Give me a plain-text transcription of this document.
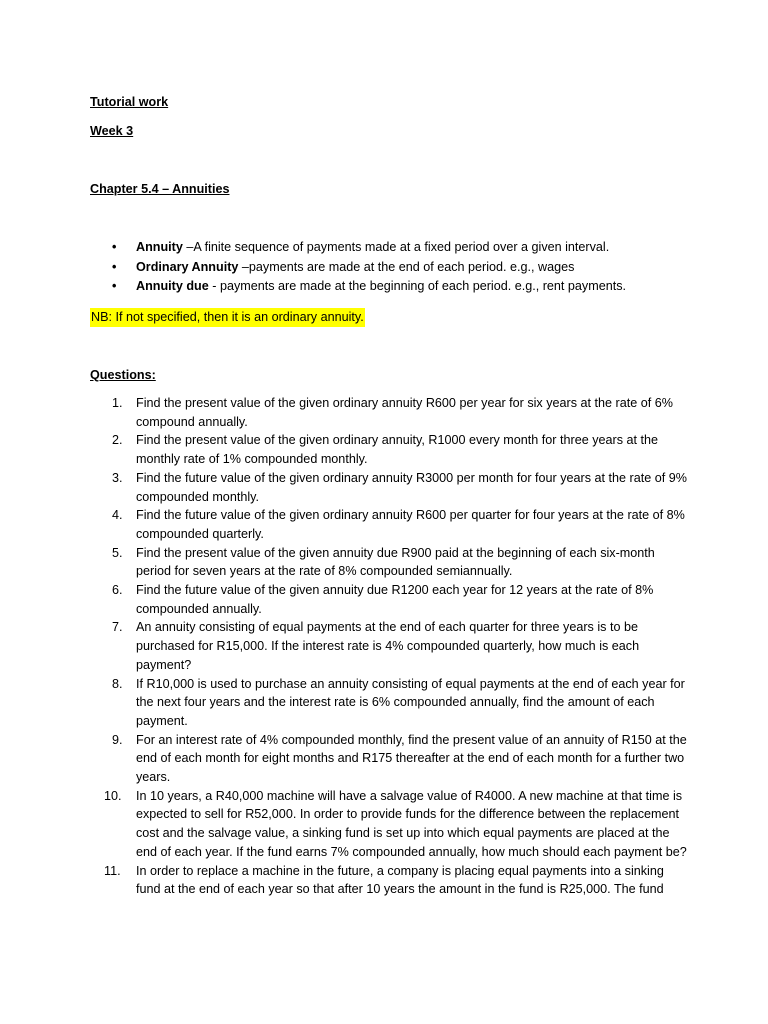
Tutorial work
Week 3
Chapter 5.4 – Annuities
• Annuity –A finite sequence of payments made at a fixed period over a given interval.
• Ordinary Annuity –payments are made at the end of each period. e.g., wages
• Annuity due - payments are made at the beginning of each period. e.g., rent payments.
NB: If not specified, then it is an ordinary annuity.
Questions:
1. Find the present value of the given ordinary annuity R600 per year for six years at the rate of 6% compound annually.
2. Find the present value of the given ordinary annuity, R1000 every month for three years at the monthly rate of 1% compounded monthly.
3. Find the future value of the given ordinary annuity R3000 per month for four years at the rate of 9% compounded monthly.
4. Find the future value of the given ordinary annuity R600 per quarter for four years at the rate of 8% compounded quarterly.
5. Find the present value of the given annuity due R900 paid at the beginning of each six-month period for seven years at the rate of 8% compounded semiannually.
6. Find the future value of the given annuity due R1200 each year for 12 years at the rate of 8% compounded annually.
7. An annuity consisting of equal payments at the end of each quarter for three years is to be purchased for R15,000. If the interest rate is 4% compounded quarterly, how much is each payment?
8. If R10,000 is used to purchase an annuity consisting of equal payments at the end of each year for the next four years and the interest rate is 6% compounded annually, find the amount of each payment.
9. For an interest rate of 4% compounded monthly, find the present value of an annuity of R150 at the end of each month for eight months and R175 thereafter at the end of each month for a further two years.
10. In 10 years, a R40,000 machine will have a salvage value of R4000. A new machine at that time is expected to sell for R52,000. In order to provide funds for the difference between the replacement cost and the salvage value, a sinking fund is set up into which equal payments are placed at the end of each year. If the fund earns 7% compounded annually, how much should each payment be?
11. In order to replace a machine in the future, a company is placing equal payments into a sinking fund at the end of each year so that after 10 years the amount in the fund is R25,000. The fund
